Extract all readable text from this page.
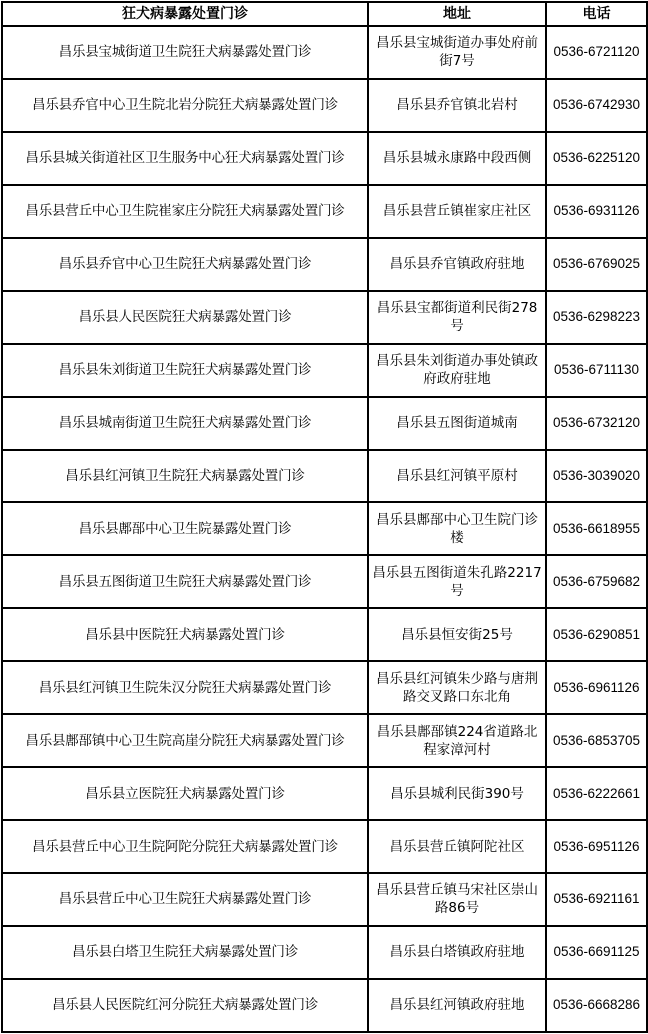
狂犬病暴露处置门诊	地址	电话
昌乐县宝城街道卫生院狂犬病暴露处置门诊	昌乐县宝城街道办事处府前街7号	0536-6721120
昌乐县乔官中心卫生院北岩分院狂犬病暴露处置门诊	昌乐县乔官镇北岩村	0536-6742930
昌乐县城关街道社区卫生服务中心狂犬病暴露处置门诊	昌乐县城永康路中段西侧	0536-6225120
昌乐县营丘中心卫生院崔家庄分院狂犬病暴露处置门诊	昌乐县营丘镇崔家庄社区	0536-6931126
昌乐县乔官中心卫生院狂犬病暴露处置门诊	昌乐县乔官镇政府驻地	0536-6769025
昌乐县人民医院狂犬病暴露处置门诊	昌乐县宝都街道利民街278号	0536-6298223
昌乐县朱刘街道卫生院狂犬病暴露处置门诊	昌乐县朱刘街道办事处镇政府政府驻地	0536-6711130
昌乐县城南街道卫生院狂犬病暴露处置门诊	昌乐县五图街道城南	0536-6732120
昌乐县红河镇卫生院狂犬病暴露处置门诊	昌乐县红河镇平原村	0536-3039020
昌乐县鄌郚中心卫生院暴露处置门诊	昌乐县鄌郚中心卫生院门诊楼	0536-6618955
昌乐县五图街道卫生院狂犬病暴露处置门诊	昌乐县五图街道朱孔路2217号	0536-6759682
昌乐县中医院狂犬病暴露处置门诊	昌乐县恒安街25号	0536-6290851
昌乐县红河镇卫生院朱汉分院狂犬病暴露处置门诊	昌乐县红河镇朱少路与唐荆路交叉路口东北角	0536-6961126
昌乐县鄌郚镇中心卫生院高崖分院狂犬病暴露处置门诊	昌乐县鄌郚镇224省道路北程家漳河村	0536-6853705
昌乐县立医院狂犬病暴露处置门诊	昌乐县城利民街390号	0536-6222661
昌乐县营丘中心卫生院阿陀分院狂犬病暴露处置门诊	昌乐县营丘镇阿陀社区	0536-6951126
昌乐县营丘中心卫生院狂犬病暴露处置门诊	昌乐县营丘镇马宋社区崇山路86号	0536-6921161
昌乐县白塔卫生院狂犬病暴露处置门诊	昌乐县白塔镇政府驻地	0536-6691125
昌乐县人民医院红河分院狂犬病暴露处置门诊	昌乐县红河镇政府驻地	0536-6668286
